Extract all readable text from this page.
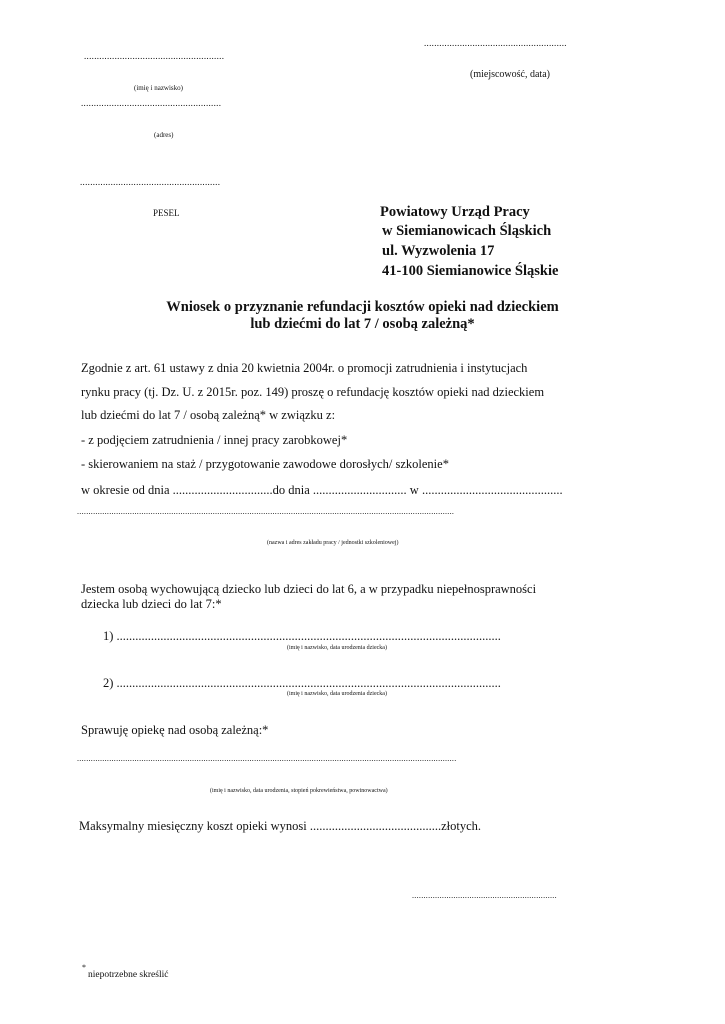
........................................................
(miejscowość, data)
.......................................................
(imię i nazwisko)
.......................................................
(adres)
.......................................................
PESEL	Powiatowy Urząd Pracy
w Siemianowicach Śląskich
ul. Wyzwolenia 17
41-100 Siemianowice Śląskie
Wniosek o przyznanie refundacji kosztów opieki nad dzieckiem
lub dziećmi do lat 7 / osobą zależną*
Zgodnie z art. 61 ustawy z dnia 20 kwietnia 2004r. o promocji zatrudnienia i instytucjach
rynku pracy (tj. Dz. U. z 2015r. poz. 149) proszę o refundację kosztów opieki nad dzieckiem
lub dziećmi do lat 7 / osobą zależną* w związku z:
- z podjęciem zatrudnienia / innej pracy zarobkowej*
- skierowaniem na staż / przygotowanie zawodowe dorosłych/ szkolenie*
w okresie od dnia ................................do dnia .............................. w .............................................
....................................................................................................................................................................
(nazwa i adres zakładu pracy / jednostki szkoleniowej)
Jestem osobą wychowującą dziecko lub dzieci do lat 6, a w przypadku niepełnosprawności
dziecka lub dzieci do lat 7:*
1) ...........................................................................................................................
(imię i nazwisko, data urodzenia dziecka)
2) ...........................................................................................................................
(imię i nazwisko, data urodzenia dziecka)
Sprawuję opiekę nad osobą zależną:*
.....................................................................................................................................................................
(imię i nazwisko, data urodzenia, stopień pokrewieństwa, powinowactwa)
Maksymalny miesięczny koszt opieki wynosi ..........................................złotych.
...............................................................
*
niepotrzebne skreślić
